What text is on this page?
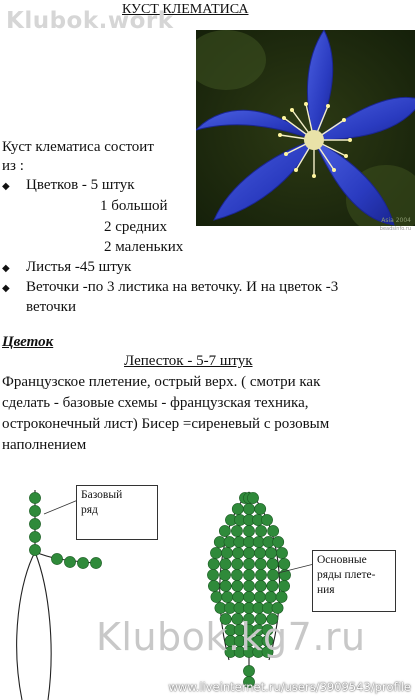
КУСТ КЛЕМАТИСА
Klubok.work
Asia 2004
beadsinfo.ru
Куст клематиса состоит
из :
◆ Цветков - 5 штук
1 большой
2 средних
2 маленьких
◆ Листья -45 штук
◆ Веточки -по 3 листика на веточку. И на цветок -3
веточки
Цветок
Лепесток - 5-7 штук
Французское плетение, острый верх. ( смотри как
сделать - базовые схемы - французская техника,
остроконечный лист) Бисер =сиреневый с розовым
наполнением
Базовый
ряд
Основные
ряды плете-
ния
Klubok.kg7.ru
www.liveinternet.ru/users/3909543/profile
